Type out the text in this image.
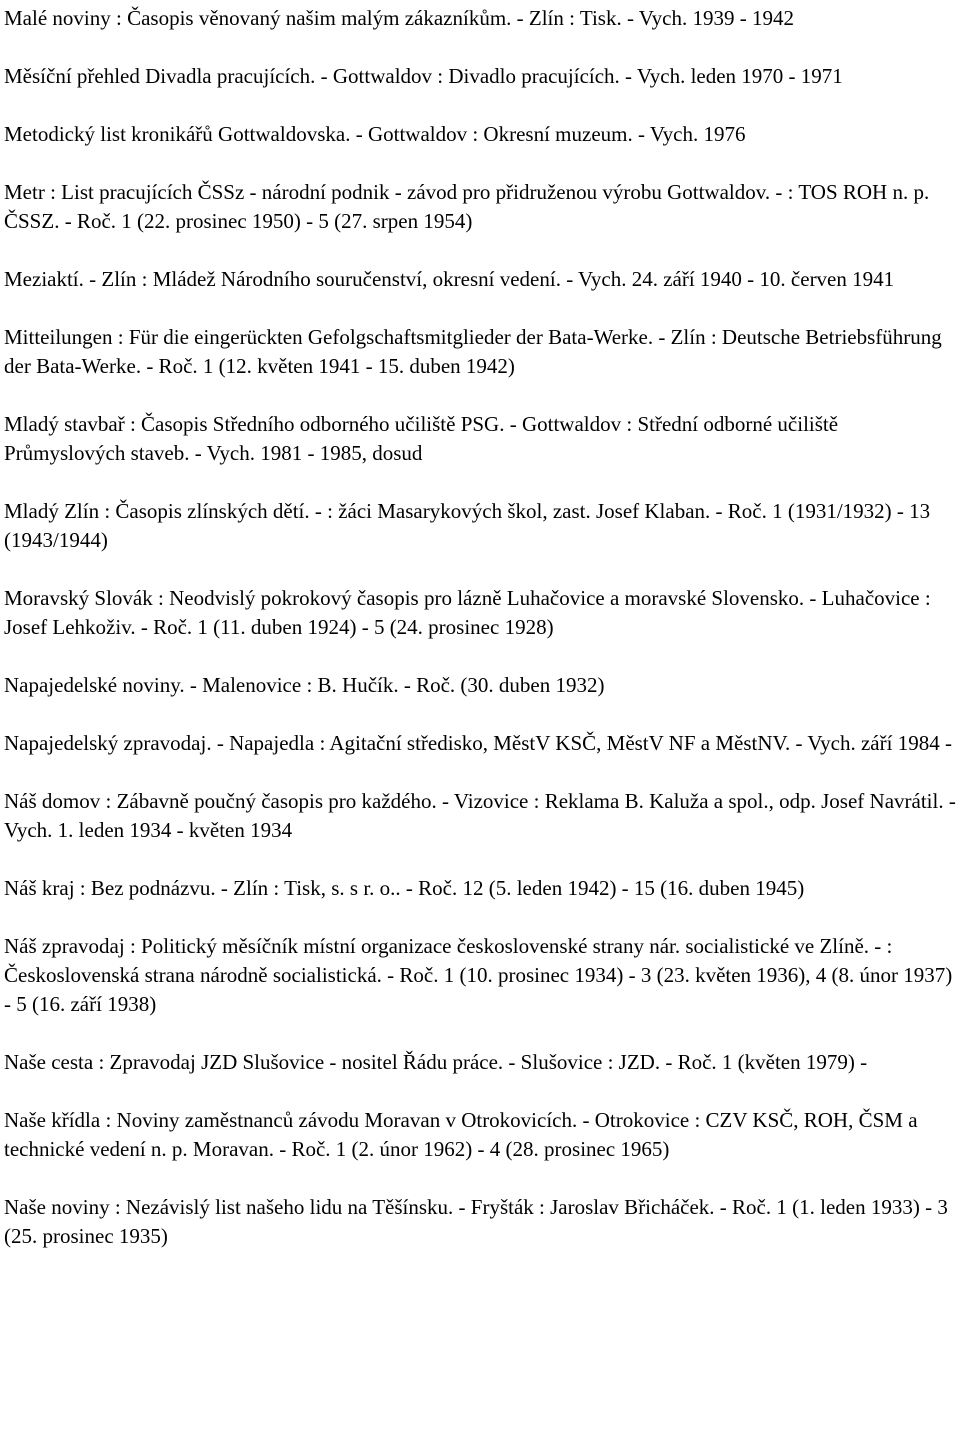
Malé noviny : Časopis věnovaný našim malým zákazníkům. - Zlín : Tisk. - Vych. 1939 - 1942

Měsíční přehled Divadla pracujících. - Gottwaldov : Divadlo pracujících. - Vych. leden 1970 - 1971

Metodický list kronikářů Gottwaldovska. - Gottwaldov : Okresní muzeum. - Vych. 1976

Metr : List pracujících ČSSz - národní podnik - závod pro přidruženou výrobu Gottwaldov. - : TOS ROH n. p. ČSSZ. - Roč. 1 (22. prosinec 1950) - 5 (27. srpen 1954)

Meziaktí. - Zlín : Mládež Národního souručenství, okresní vedení. - Vych. 24. září 1940 - 10. červen 1941

Mitteilungen : Für die eingerückten Gefolgschaftsmitglieder der Bata-Werke. - Zlín : Deutsche Betriebsführung der Bata-Werke. - Roč. 1 (12. květen 1941 - 15. duben 1942)

Mladý stavbař : Časopis Středního odborného učiliště PSG. - Gottwaldov : Střední odborné učiliště Průmyslových staveb. - Vych. 1981 - 1985, dosud

Mladý Zlín : Časopis zlínských dětí. - : žáci Masarykových škol, zast. Josef Klaban. - Roč. 1 (1931/1932) - 13 (1943/1944)

Moravský Slovák : Neodvislý pokrokový časopis pro lázně Luhačovice a moravské Slovensko. - Luhačovice : Josef Lehkoživ. - Roč. 1 (11. duben 1924) - 5 (24. prosinec 1928)

Napajedelské noviny. - Malenovice : B. Hučík. - Roč. (30. duben 1932)

Napajedelský zpravodaj. - Napajedla : Agitační středisko, MěstV KSČ, MěstV NF a MěstNV. - Vych. září 1984 -

Náš domov : Zábavně poučný časopis pro každého. - Vizovice : Reklama B. Kaluža a spol., odp. Josef Navrátil. - Vych. 1. leden 1934 - květen 1934

Náš kraj : Bez podnázvu. - Zlín : Tisk, s. s r. o.. - Roč. 12 (5. leden 1942) - 15 (16. duben 1945)

Náš zpravodaj : Politický měsíčník místní organizace československé strany nár. socialistické ve Zlíně. - : Československá strana národně socialistická. - Roč. 1 (10. prosinec 1934) - 3 (23. květen 1936), 4 (8. únor 1937) - 5 (16. září 1938)

Naše cesta : Zpravodaj JZD Slušovice - nositel Řádu práce. - Slušovice : JZD. - Roč. 1 (květen 1979) -

Naše křídla : Noviny zaměstnanců závodu Moravan v Otrokovicích. - Otrokovice : CZV KSČ, ROH, ČSM a technické vedení n. p. Moravan. - Roč. 1 (2. únor 1962) - 4 (28. prosinec 1965)

Naše noviny : Nezávislý list našeho lidu na Těšínsku. - Fryšták : Jaroslav Břicháček. - Roč. 1 (1. leden 1933) - 3 (25. prosinec 1935)
